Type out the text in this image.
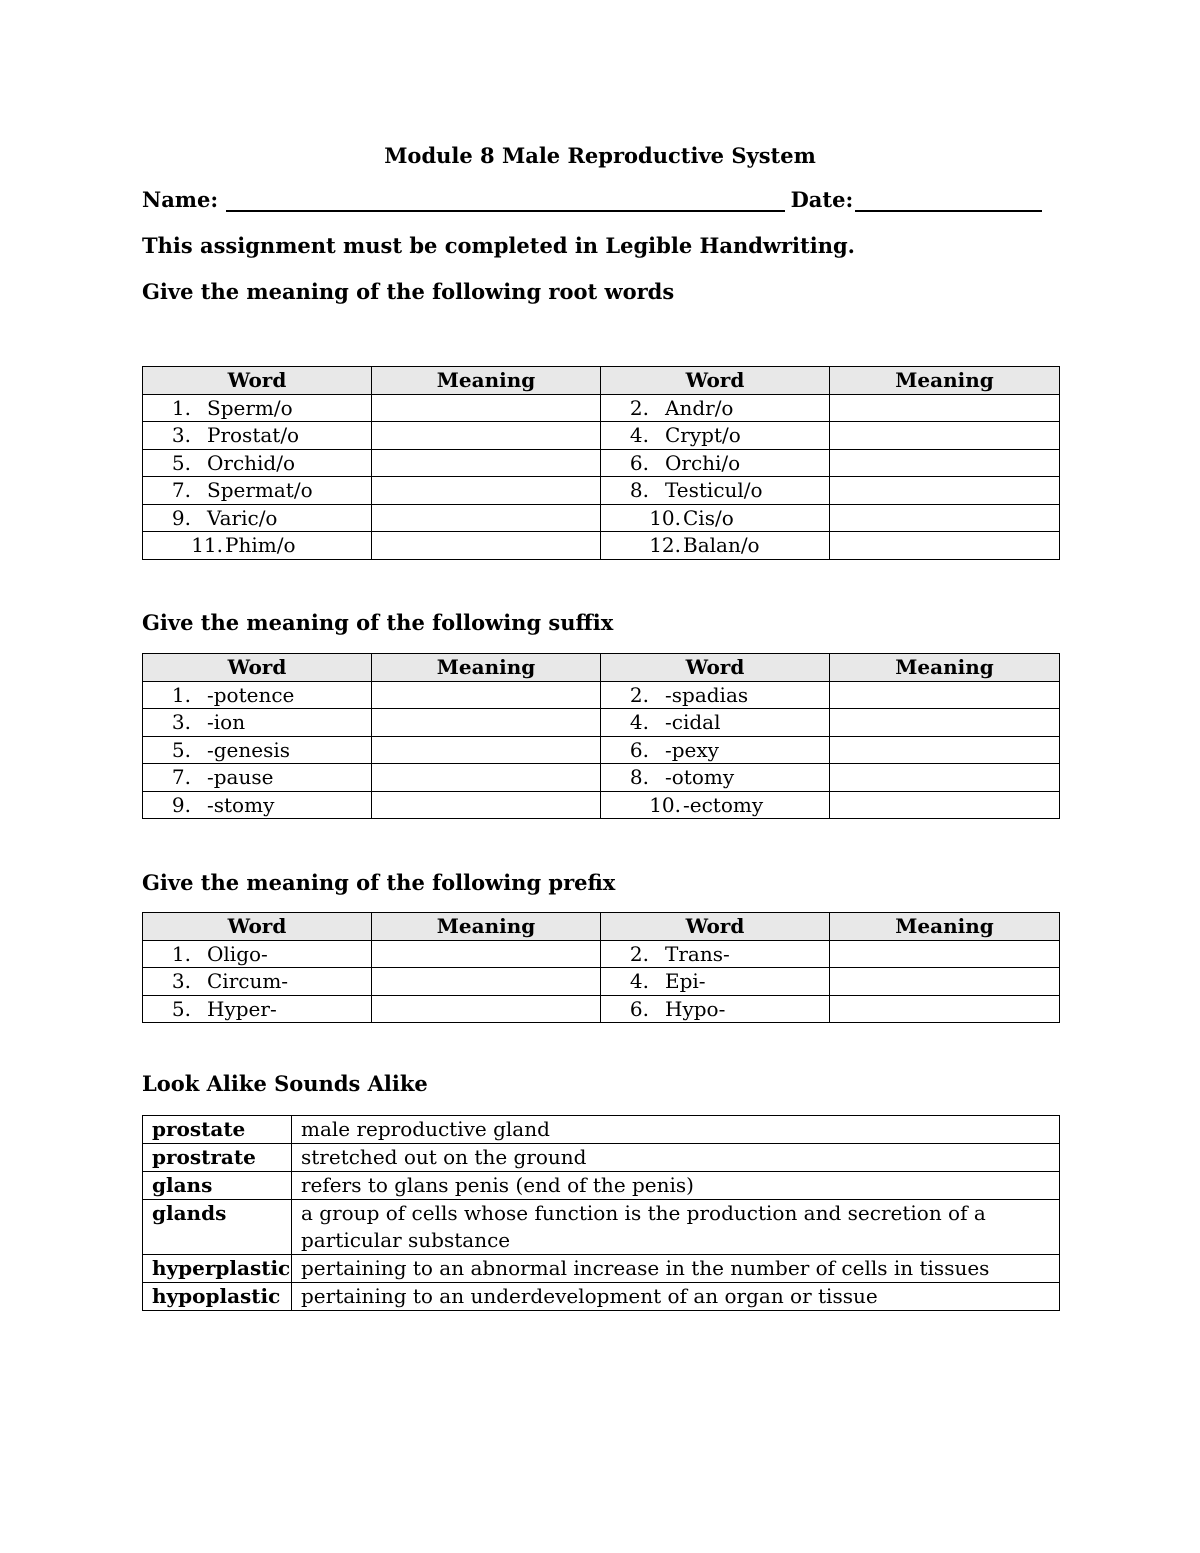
Module 8 Male Reproductive System
Name:	Date:
This assignment must be completed in Legible Handwriting.
Give the meaning of the following root words
Word	Meaning	Word	Meaning
1. Sperm/o		2. Andr/o	
3. Prostat/o		4. Crypt/o	
5. Orchid/o		6. Orchi/o	
7. Spermat/o		8. Testicul/o	
9. Varic/o		10. Cis/o	
11. Phim/o		12. Balan/o	
Give the meaning of the following suffix
Word	Meaning	Word	Meaning
1. -potence		2. -spadias	
3. -ion		4. -cidal	
5. -genesis		6. -pexy	
7. -pause		8. -otomy	
9. -stomy		10. -ectomy	
Give the meaning of the following prefix
Word	Meaning	Word	Meaning
1. Oligo-		2. Trans-	
3. Circum-		4. Epi-	
5. Hyper-		6. Hypo-	
Look Alike Sounds Alike
prostate	male reproductive gland
prostrate	stretched out on the ground
glans	refers to glans penis (end of the penis)
glands	a group of cells whose function is the production and secretion of a particular substance
hyperplastic	pertaining to an abnormal increase in the number of cells in tissues
hypoplastic	pertaining to an underdevelopment of an organ or tissue
